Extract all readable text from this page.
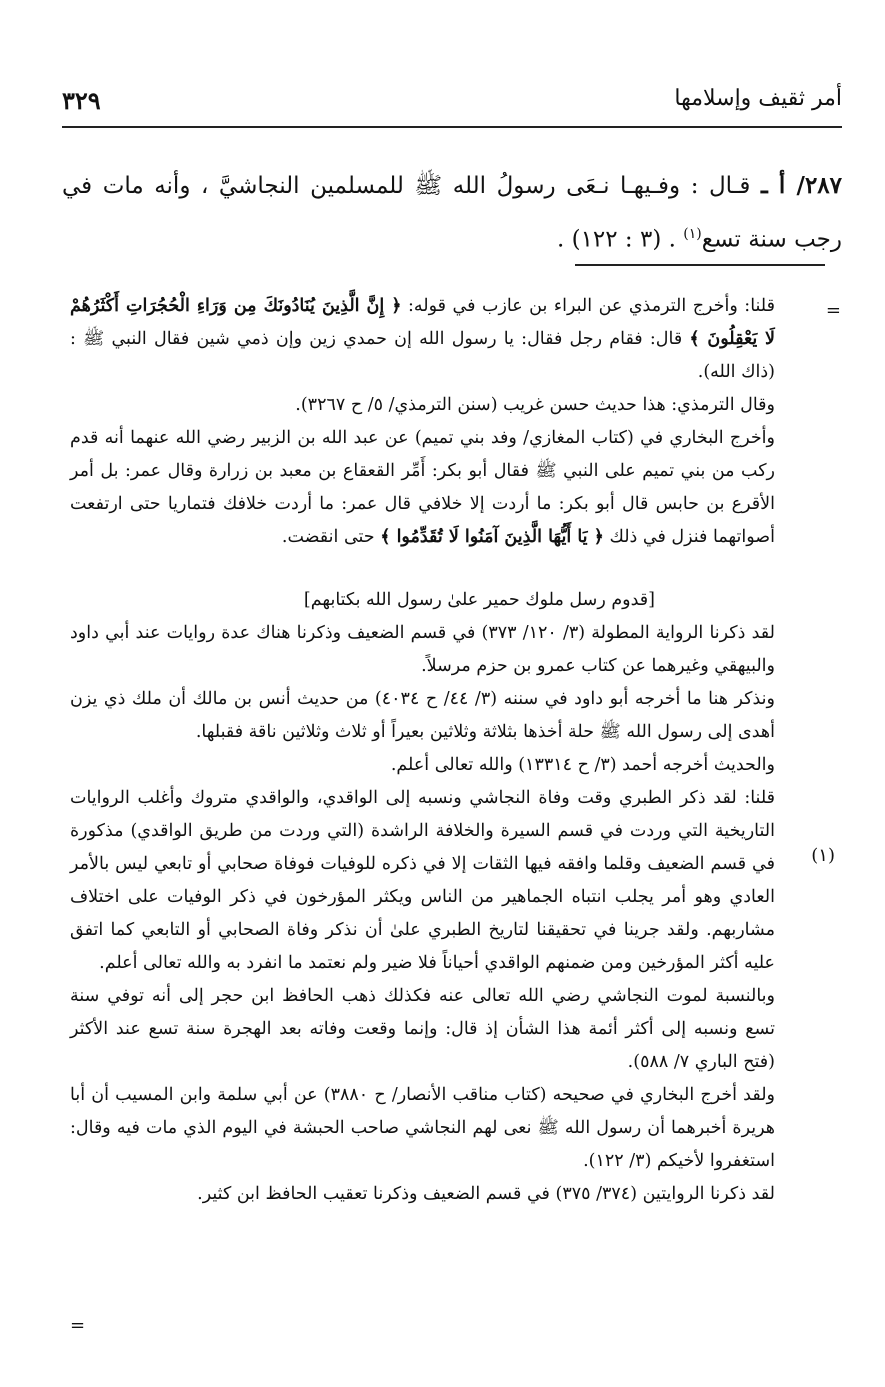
أمر ثقيف وإسلامها
٣٢٩
٢٨٧/ أ ـ قـال : وفـيهـا نـعَى رسولُ الله ﷺ للمسلمين النجاشيَّ ، وأنه مات في رجب سنة تسع$^{(١)}$ . (٣ : ١٢٢) .
=
(١)
=

قلنا: وأخرج الترمذي عن البراء بن عازب في قوله: ﴿ إِنَّ الَّذِينَ يُنَادُونَكَ مِن وَرَاءِ الْحُجُرَاتِ أَكْثَرُهُمْ لَا يَعْقِلُونَ ﴾ قال: فقام رجل فقال: يا رسول الله إن حمدي زين وإن ذمي شين فقال النبي ﷺ : (ذاك الله).

وقال الترمذي: هذا حديث حسن غريب (سنن الترمذي/ ٥/ ح ٣٢٦٧).

وأخرج البخاري في (كتاب المغازي/ وفد بني تميم) عن عبد الله بن الزبير رضي الله عنهما أنه قدم ركب من بني تميم على النبي ﷺ فقال أبو بكر: أَمِّر القعقاع بن معبد بن زرارة وقال عمر: بل أمر الأقرع بن حابس قال أبو بكر: ما أردت إلا خلافي قال عمر: ما أردت خلافك فتماريا حتى ارتفعت أصواتهما فنزل في ذلك ﴿ يَا أَيُّهَا الَّذِينَ آمَنُوا لَا تُقَدِّمُوا ﴾ حتى انقضت.

[قدوم رسل ملوك حمير علىٰ رسول الله بكتابهم]

لقد ذكرنا الرواية المطولة (٣/ ١٢٠/ ٣٧٣) في قسم الضعيف وذكرنا هناك عدة روايات عند أبي داود والبيهقي وغيرهما عن كتاب عمرو بن حزم مرسلاً.

ونذكر هنا ما أخرجه أبو داود في سننه (٣/ ٤٤/ ح ٤٠٣٤) من حديث أنس بن مالك أن ملك ذي يزن أهدى إلى رسول الله ﷺ حلة أخذها بثلاثة وثلاثين بعيراً أو ثلاث وثلاثين ناقة فقبلها.

والحديث أخرجه أحمد (٣/ ح ١٣٣١٤) والله تعالى أعلم.

قلنا: لقد ذكر الطبري وقت وفاة النجاشي ونسبه إلى الواقدي، والواقدي متروك وأغلب الروايات التاريخية التي وردت في قسم السيرة والخلافة الراشدة (التي وردت من طريق الواقدي) مذكورة في قسم الضعيف وقلما وافقه فيها الثقات إلا في ذكره للوفيات فوفاة صحابي أو تابعي ليس بالأمر العادي وهو أمر يجلب انتباه الجماهير من الناس ويكثر المؤرخون في ذكر الوفيات على اختلاف مشاربهم. ولقد جرينا في تحقيقنا لتاريخ الطبري علىٰ أن نذكر وفاة الصحابي أو التابعي كما اتفق عليه أكثر المؤرخين ومن ضمنهم الواقدي أحياناً فلا ضير ولم نعتمد ما انفرد به والله تعالى أعلم.

وبالنسبة لموت النجاشي رضي الله تعالى عنه فكذلك ذهب الحافظ ابن حجر إلى أنه توفي سنة تسع ونسبه إلى أكثر أئمة هذا الشأن إذ قال: وإنما وقعت وفاته بعد الهجرة سنة تسع عند الأكثر (فتح الباري ٧/ ٥٨٨).

ولقد أخرج البخاري في صحيحه (كتاب مناقب الأنصار/ ح ٣٨٨٠) عن أبي سلمة وابن المسيب أن أبا هريرة أخبرهما أن رسول الله ﷺ نعى لهم النجاشي صاحب الحبشة في اليوم الذي مات فيه وقال: استغفروا لأخيكم (٣/ ١٢٢).

لقد ذكرنا الروايتين (٣٧٤/ ٣٧٥) في قسم الضعيف وذكرنا تعقيب الحافظ ابن كثير.
